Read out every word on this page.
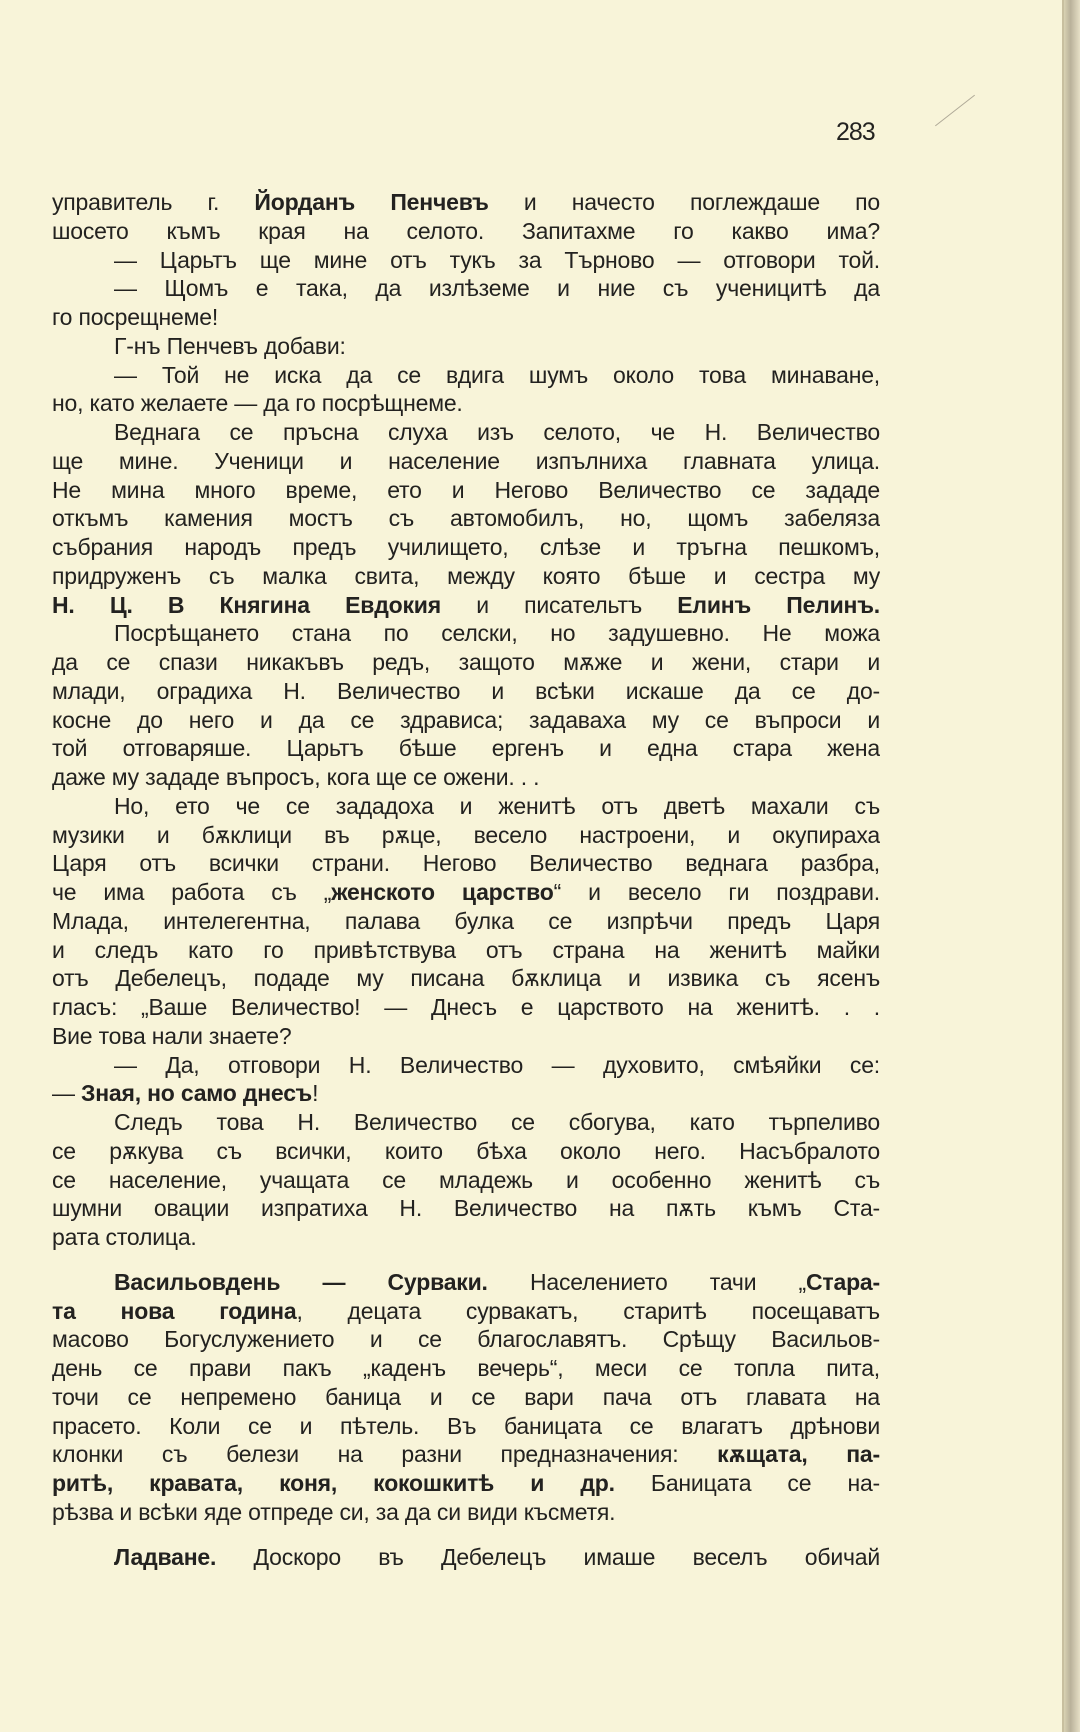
283
управитель г. Йорданъ Пенчевъ и начесто поглеждаше по
шосето къмъ края на селото. Запитахме го какво има?
— Царьтъ ще мине отъ тукъ за Търново — отговори той.
— Щомъ е така, да излѣземе и ние съ ученицитѣ да
го посрещнеме!
Г-нъ Пенчевъ добави:
— Той не иска да се вдига шумъ около това минаване,
но, като желаете — да го посрѣщнеме.
Веднага се пръсна слуха изъ селото, че Н. Величество
ще мине. Ученици и население изпълниха главната улица.
Не мина много време, ето и Негово Величество се зададе
откъмъ камения мостъ съ автомобилъ, но, щомъ забеляза
събрания народъ предъ училището, слѣзе и тръгна пешкомъ,
придруженъ съ малка свита, между която бѣше и сестра му
Н. Ц. В Княгина Евдокия и писательтъ Елинъ Пелинъ.
Посрѣщането стана по селски, но задушевно. Не можа
да се спази никакъвъ редъ, защото мѫже и жени, стари и
млади, оградиха Н. Величество и всѣки искаше да се до-
косне до него и да се здрависа; задаваха му се въпроси и
той отговаряше. Царьтъ бѣше ергенъ и една стара жена
даже му зададе въпросъ, кога ще се ожени. . .
Но, ето че се зададоха и женитѣ отъ дветѣ махали съ
музики и бѫклици въ рѫце, весело настроени, и окупираха
Царя отъ всички страни. Негово Величество веднага разбра,
че има работа съ „женското царство“ и весело ги поздрави.
Млада, интелегентна, палава булка се изпрѣчи предъ Царя
и следъ като го привѣтствува отъ страна на женитѣ майки
отъ Дебелецъ, подаде му писана бѫклица и извика съ ясенъ
гласъ: „Ваше Величество! — Днесъ е царството на женитѣ. . .
Вие това нали знаете?
— Да, отговори Н. Величество — духовито, смѣяйки се:
— Зная, но само днесъ!
Следъ това Н. Величество се сбогува, като търпеливо
се рѫкува съ всички, които бѣха около него. Насъбралото
се население, учащата се младежь и особенно женитѣ съ
шумни овации изпратиха Н. Величество на пѫть къмъ Ста-
рата столица.
Васильовдень — Сурваки. Населението тачи „Стара-
та нова година, децата сурвакатъ, старитѣ посещаватъ
масово Богуслужението и се благославятъ. Срѣщу Васильов-
день се прави пакъ „каденъ вечерь“, меси се топла пита,
точи се непремено баница и се вари пача отъ главата на
прасето. Коли се и пѣтель. Въ баницата се влагатъ дрѣнови
клонки съ белези на разни предназначения: кѫщата, па-
ритѣ, кравата, коня, кокошкитѣ и др. Баницата се на-
рѣзва и всѣки яде отпреде си, за да си види късметя.
Ладване. Доскоро въ Дебелецъ имаше веселъ обичай
